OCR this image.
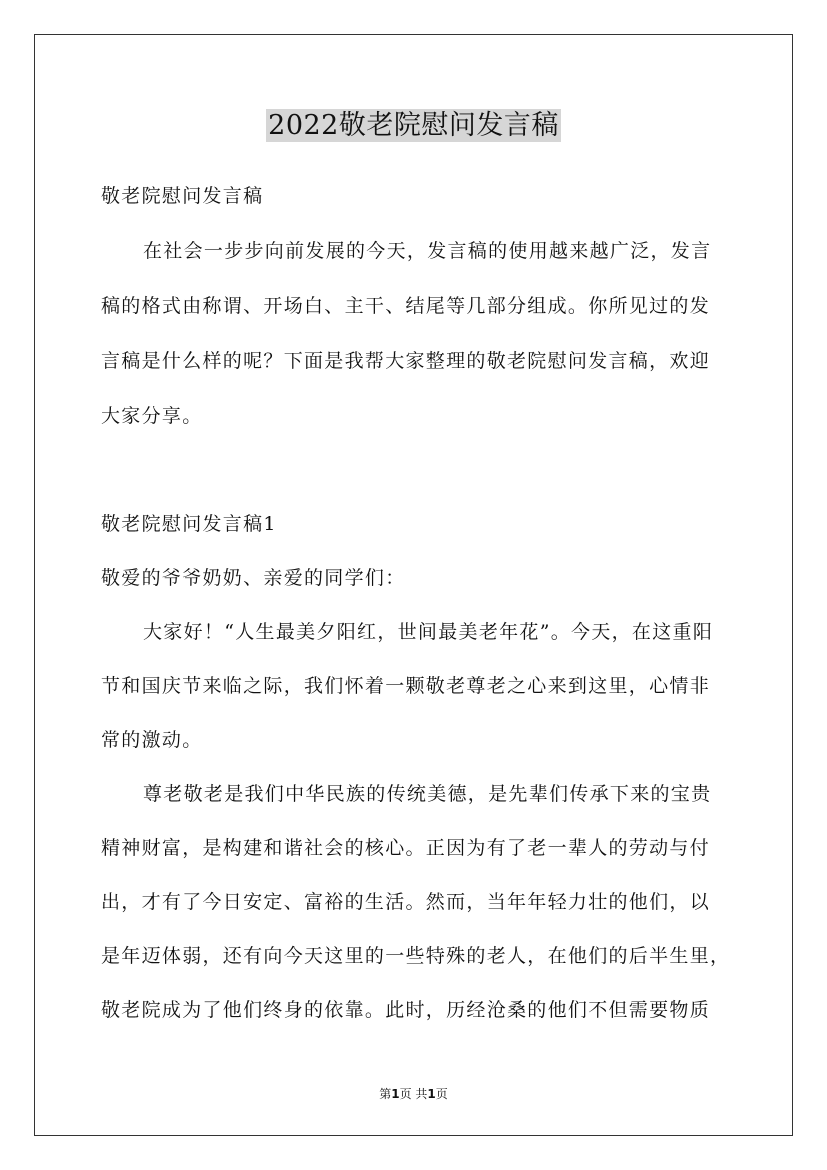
2022敬老院慰问发言稿
敬老院慰问发言稿
在社会一步步向前发展的今天，发言稿的使用越来越广泛，发言
稿的格式由称谓、开场白、主干、结尾等几部分组成。你所见过的发
言稿是什么样的呢？下面是我帮大家整理的敬老院慰问发言稿，欢迎
大家分享。
敬老院慰问发言稿1
敬爱的爷爷奶奶、亲爱的同学们：
大家好！“人生最美夕阳红，世间最美老年花”。今天，在这重阳
节和国庆节来临之际，我们怀着一颗敬老尊老之心来到这里，心情非
常的激动。
尊老敬老是我们中华民族的传统美德，是先辈们传承下来的宝贵
精神财富，是构建和谐社会的核心。正因为有了老一辈人的劳动与付
出，才有了今日安定、富裕的生活。然而，当年年轻力壮的他们，以
是年迈体弱，还有向今天这里的一些特殊的老人，在他们的后半生里，
敬老院成为了他们终身的依靠。此时，历经沧桑的他们不但需要物质
第1页 共1页
